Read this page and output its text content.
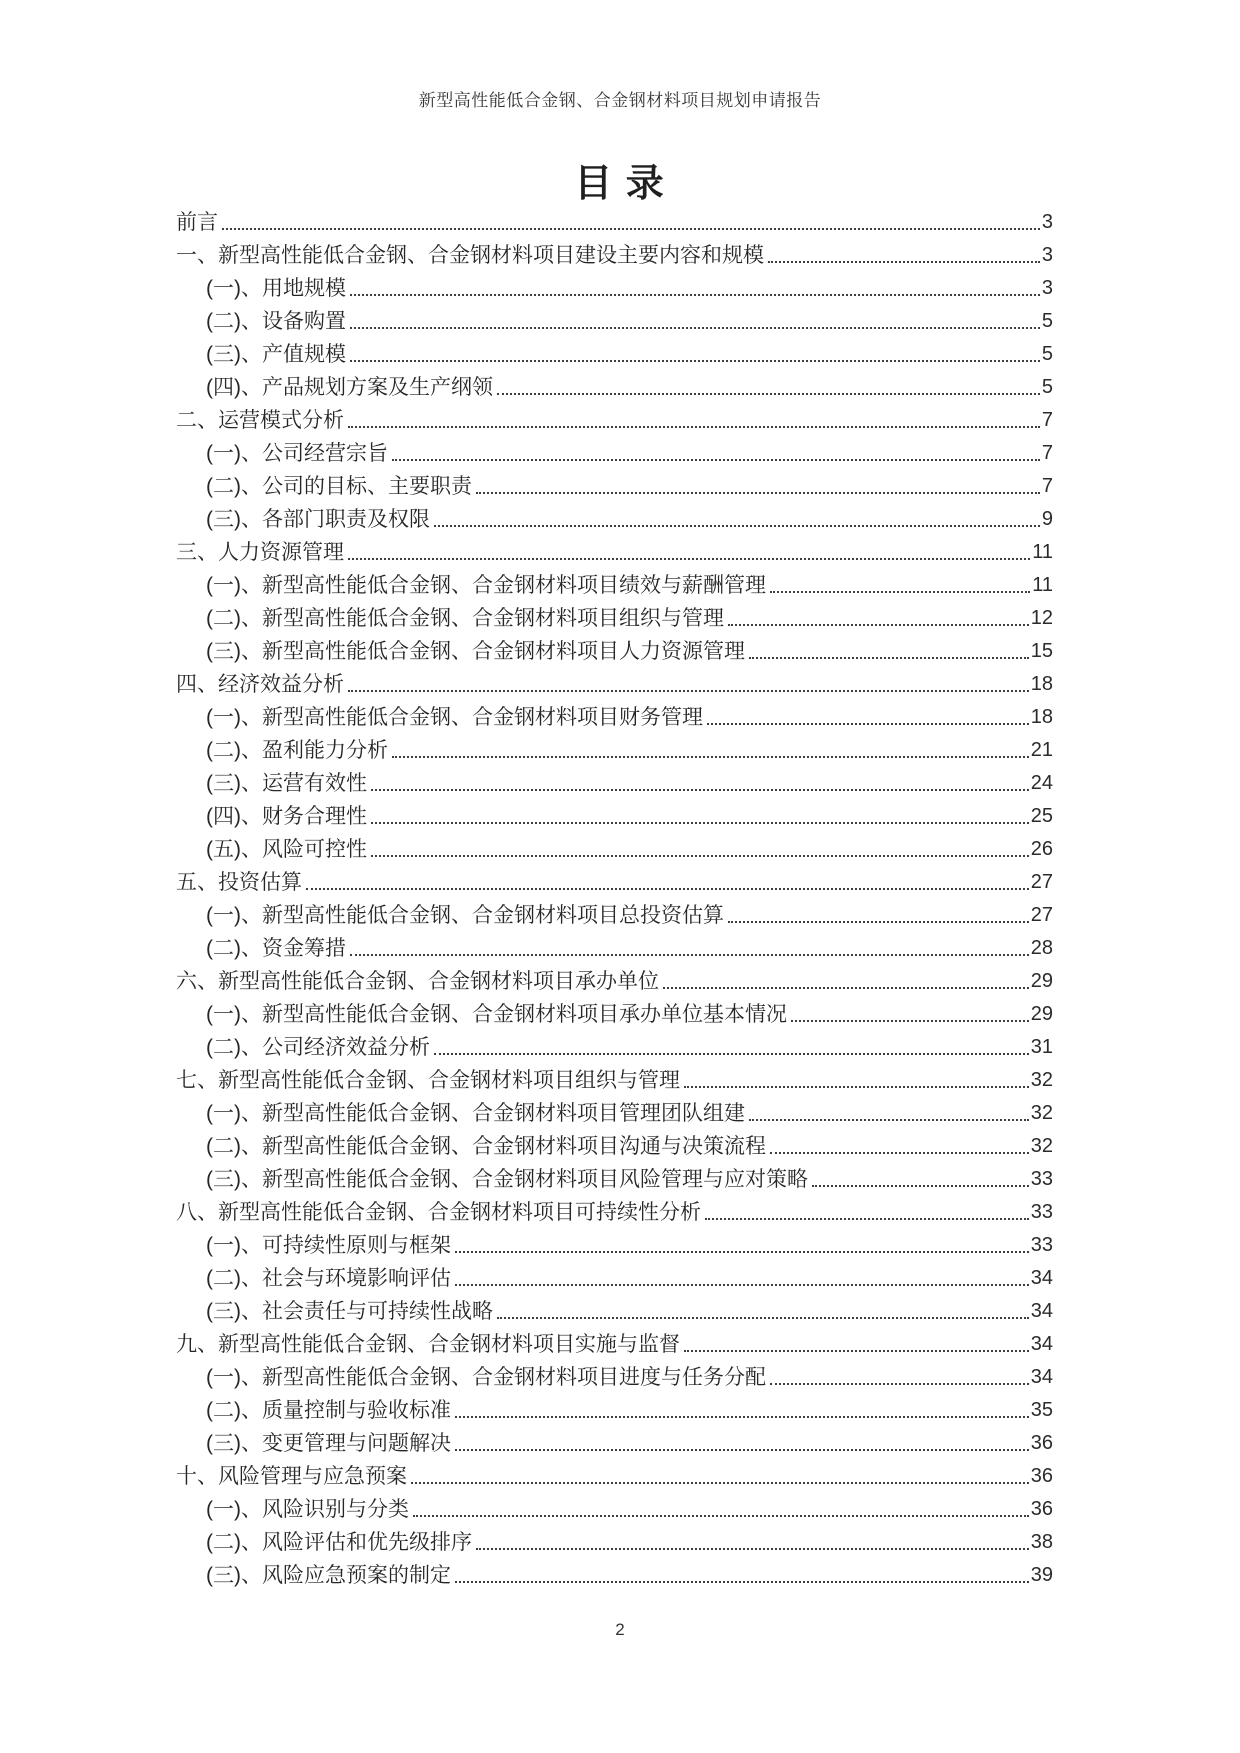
新型高性能低合金钢、合金钢材料项目规划申请报告
目 录
前言	3
一、新型高性能低合金钢、合金钢材料项目建设主要内容和规模	3
(一)、用地规模	3
(二)、设备购置	5
(三)、产值规模	5
(四)、产品规划方案及生产纲领	5
二、运营模式分析	7
(一)、公司经营宗旨	7
(二)、公司的目标、主要职责	7
(三)、各部门职责及权限	9
三、人力资源管理	11
(一)、新型高性能低合金钢、合金钢材料项目绩效与薪酬管理	11
(二)、新型高性能低合金钢、合金钢材料项目组织与管理	12
(三)、新型高性能低合金钢、合金钢材料项目人力资源管理	15
四、经济效益分析	18
(一)、新型高性能低合金钢、合金钢材料项目财务管理	18
(二)、盈利能力分析	21
(三)、运营有效性	24
(四)、财务合理性	25
(五)、风险可控性	26
五、投资估算	27
(一)、新型高性能低合金钢、合金钢材料项目总投资估算	27
(二)、资金筹措	28
六、新型高性能低合金钢、合金钢材料项目承办单位	29
(一)、新型高性能低合金钢、合金钢材料项目承办单位基本情况	29
(二)、公司经济效益分析	31
七、新型高性能低合金钢、合金钢材料项目组织与管理	32
(一)、新型高性能低合金钢、合金钢材料项目管理团队组建	32
(二)、新型高性能低合金钢、合金钢材料项目沟通与决策流程	32
(三)、新型高性能低合金钢、合金钢材料项目风险管理与应对策略	33
八、新型高性能低合金钢、合金钢材料项目可持续性分析	33
(一)、可持续性原则与框架	33
(二)、社会与环境影响评估	34
(三)、社会责任与可持续性战略	34
九、新型高性能低合金钢、合金钢材料项目实施与监督	34
(一)、新型高性能低合金钢、合金钢材料项目进度与任务分配	34
(二)、质量控制与验收标准	35
(三)、变更管理与问题解决	36
十、风险管理与应急预案	36
(一)、风险识别与分类	36
(二)、风险评估和优先级排序	38
(三)、风险应急预案的制定	39
2
